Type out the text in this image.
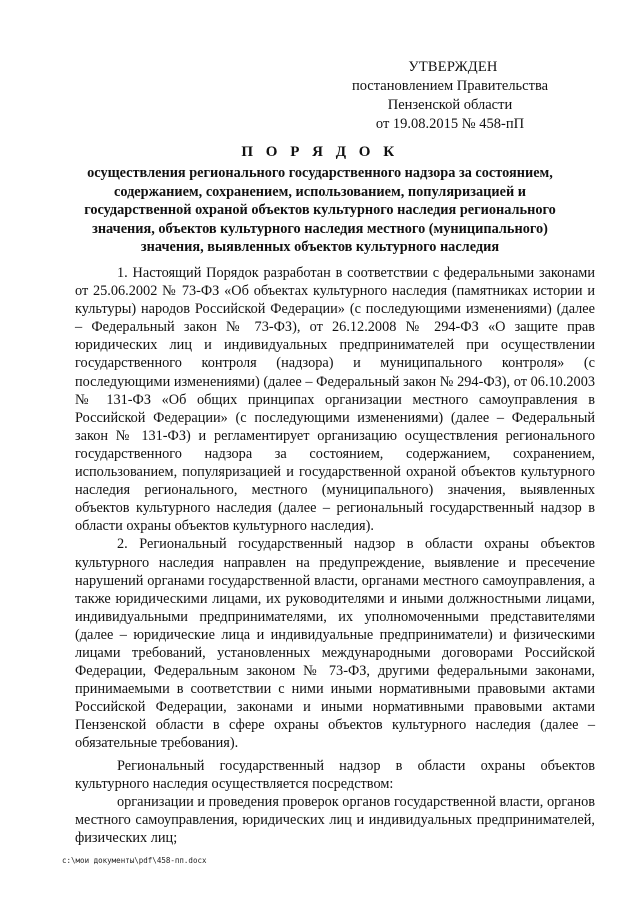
УТВЕРЖДЕН
постановлением Правительства
Пензенской области
от 19.08.2015 № 458-пП
П О Р Я Д О К
осуществления регионального государственного надзора за состоянием, содержанием, сохранением, использованием, популяризацией и государственной охраной объектов культурного наследия регионального значения, объектов культурного наследия местного (муниципального) значения, выявленных объектов культурного наследия

1. Настоящий Порядок разработан в соответствии с федеральными законами от 25.06.2002 № 73-ФЗ «Об объектах культурного наследия (памятниках истории и культуры) народов Российской Федерации» (с последующими изменениями) (далее – Федеральный закон № 73-ФЗ), от 26.12.2008 № 294-ФЗ «О защите прав юридических лиц и индивидуальных предпринимателей при осуществлении государственного контроля (надзора) и муниципального контроля» (с последующими изменениями) (далее – Федеральный закон № 294-ФЗ), от 06.10.2003 № 131-ФЗ «Об общих принципах организации местного самоуправления в Российской Федерации» (с последующими изменениями) (далее – Федеральный закон № 131-ФЗ) и регламентирует организацию осуществления регионального государственного надзора за состоянием, содержанием, сохранением, использованием, популяризацией и государственной охраной объектов культурного наследия регионального, местного (муниципального) значения, выявленных объектов культурного наследия (далее – региональный государственный надзор в области охраны объектов культурного наследия).

2. Региональный государственный надзор в области охраны объектов культурного наследия направлен на предупреждение, выявление и пресечение нарушений органами государственной власти, органами местного самоуправления, а также юридическими лицами, их руководителями и иными должностными лицами, индивидуальными предпринимателями, их уполномоченными представителями (далее – юридические лица и индивидуальные предприниматели) и физическими лицами требований, установленных международными договорами Российской Федерации, Федеральным законом № 73-ФЗ, другими федеральными законами, принимаемыми в соответствии с ними иными нормативными правовыми актами Российской Федерации, законами и иными нормативными правовыми актами Пензенской области в сфере охраны объектов культурного наследия (далее – обязательные требования).

Региональный государственный надзор в области охраны объектов культурного наследия осуществляется посредством:

организации и проведения проверок органов государственной власти, органов местного самоуправления, юридических лиц и индивидуальных предпринимателей, физических лиц;

c:\мои документы\pdf\458-пп.docx
